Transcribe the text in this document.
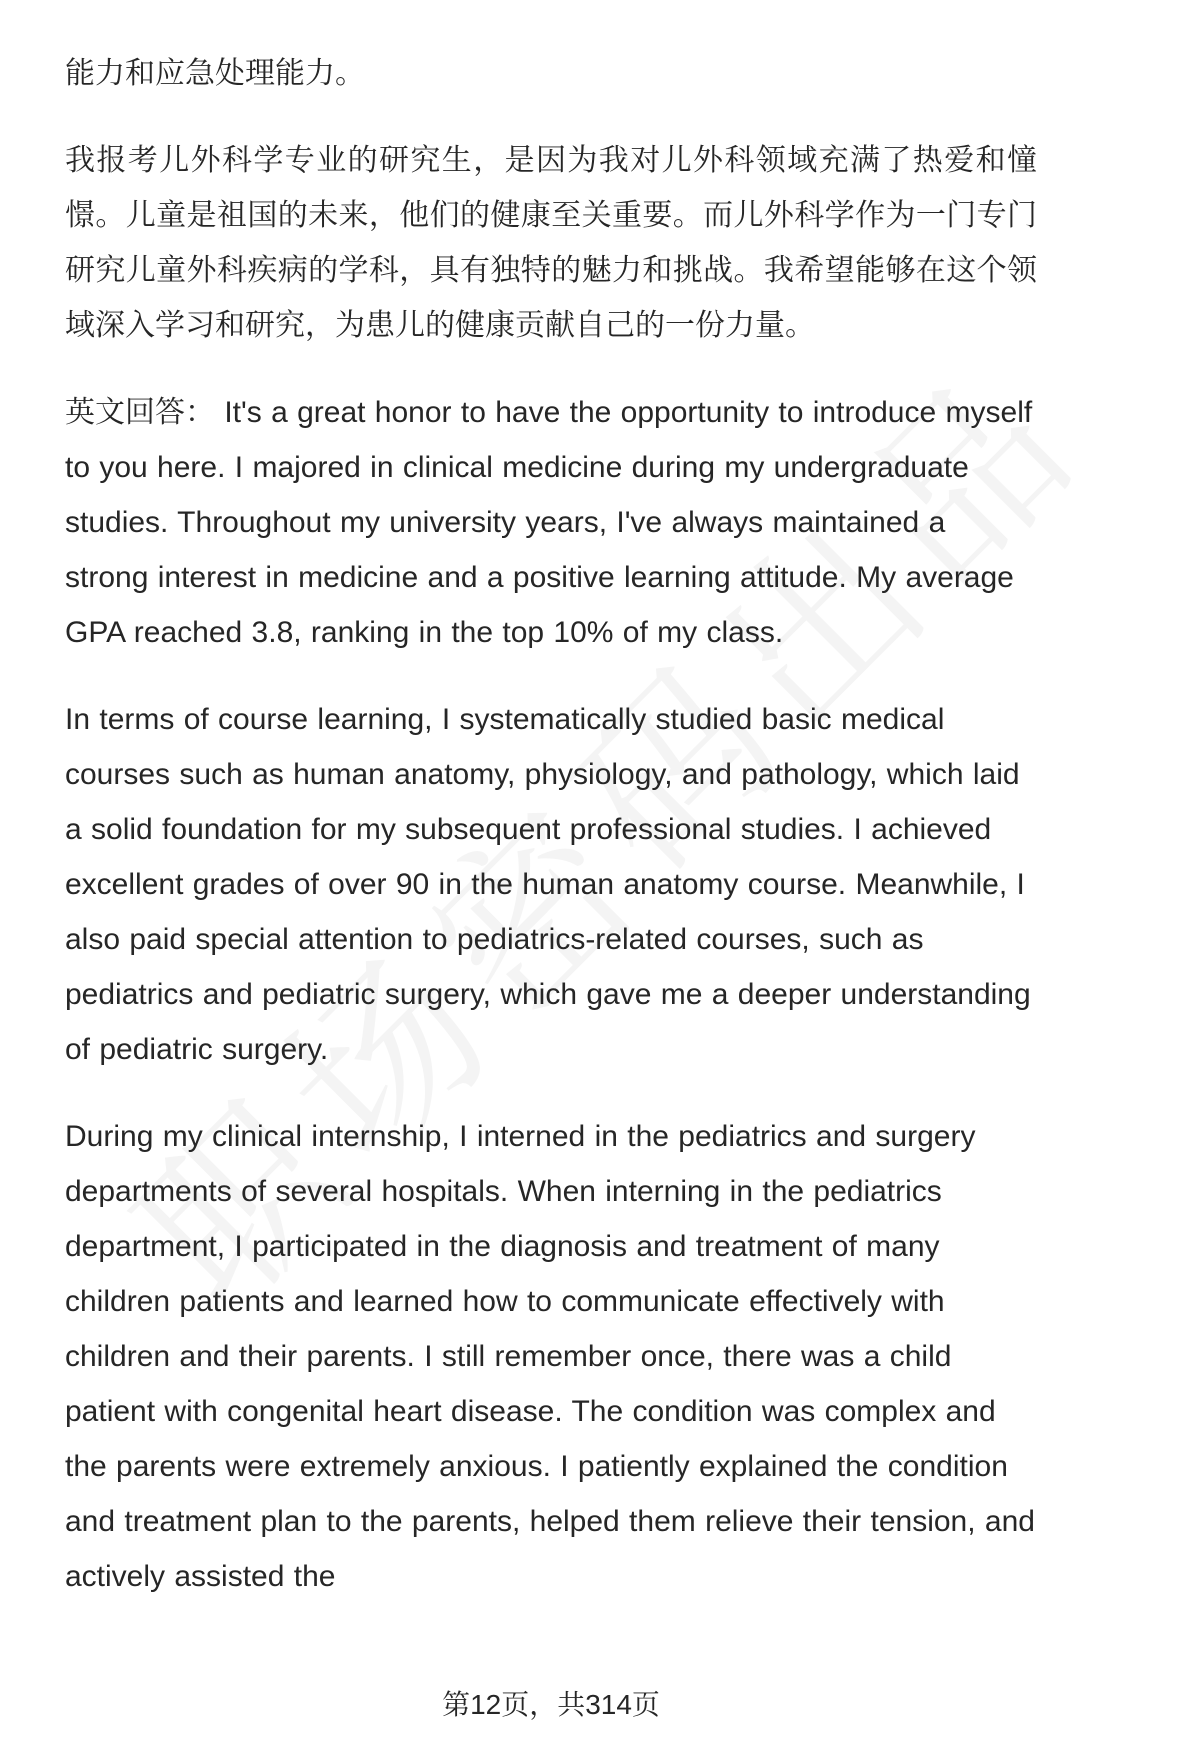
能力和应急处理能力。

我报考儿外科学专业的研究生，是因为我对儿外科领域充满了热爱和憧憬。儿童是祖国的未来，他们的健康至关重要。而儿外科学作为一门专门研究儿童外科疾病的学科，具有独特的魅力和挑战。我希望能够在这个领域深入学习和研究，为患儿的健康贡献自己的一份力量。

英文回答： It's a great honor to have the opportunity to introduce myself to you here. I majored in clinical medicine during my undergraduate studies. Throughout my university years, I've always maintained a strong interest in medicine and a positive learning attitude. My average GPA reached 3.8, ranking in the top 10% of my class.

In terms of course learning, I systematically studied basic medical courses such as human anatomy, physiology, and pathology, which laid a solid foundation for my subsequent professional studies. I achieved excellent grades of over 90 in the human anatomy course. Meanwhile, I also paid special attention to pediatrics-related courses, such as pediatrics and pediatric surgery, which gave me a deeper understanding of pediatric surgery.

During my clinical internship, I interned in the pediatrics and surgery departments of several hospitals. When interning in the pediatrics department, I participated in the diagnosis and treatment of many children patients and learned how to communicate effectively with children and their parents. I still remember once, there was a child patient with congenital heart disease. The condition was complex and the parents were extremely anxious. I patiently explained the condition and treatment plan to the parents, helped them relieve their tension, and actively assisted the

第12页，共314页
